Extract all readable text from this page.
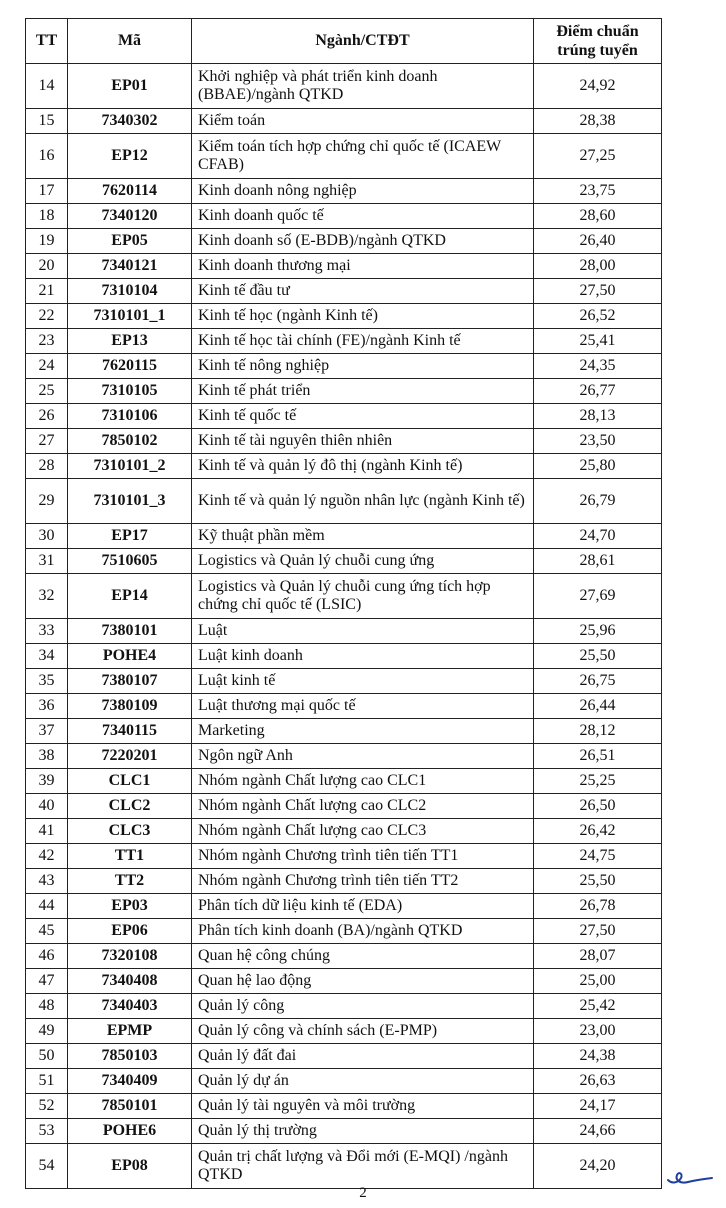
TT	Mã	Ngành/CTĐT	Điểm chuẩn
trúng tuyển
14	EP01	Khởi nghiệp và phát triển kinh doanh (BBAE)/ngành QTKD	24,92
15	7340302	Kiểm toán	28,38
16	EP12	Kiểm toán tích hợp chứng chỉ quốc tế (ICAEW CFAB)	27,25
17	7620114	Kinh doanh nông nghiệp	23,75
18	7340120	Kinh doanh quốc tế	28,60
19	EP05	Kinh doanh số (E-BDB)/ngành QTKD	26,40
20	7340121	Kinh doanh thương mại	28,00
21	7310104	Kinh tế đầu tư	27,50
22	7310101_1	Kinh tế học (ngành Kinh tế)	26,52
23	EP13	Kinh tế học tài chính (FE)/ngành Kinh tế	25,41
24	7620115	Kinh tế nông nghiệp	24,35
25	7310105	Kinh tế phát triển	26,77
26	7310106	Kinh tế quốc tế	28,13
27	7850102	Kinh tế tài nguyên thiên nhiên	23,50
28	7310101_2	Kinh tế và quản lý đô thị (ngành Kinh tế)	25,80
29	7310101_3	Kinh tế và quản lý nguồn nhân lực (ngành Kinh tế)	26,79
30	EP17	Kỹ thuật phần mềm	24,70
31	7510605	Logistics và Quản lý chuỗi cung ứng	28,61
32	EP14	Logistics và Quản lý chuỗi cung ứng tích hợp chứng chỉ quốc tế (LSIC)	27,69
33	7380101	Luật	25,96
34	POHE4	Luật kinh doanh	25,50
35	7380107	Luật kinh tế	26,75
36	7380109	Luật thương mại quốc tế	26,44
37	7340115	Marketing	28,12
38	7220201	Ngôn ngữ Anh	26,51
39	CLC1	Nhóm ngành Chất lượng cao CLC1	25,25
40	CLC2	Nhóm ngành Chất lượng cao CLC2	26,50
41	CLC3	Nhóm ngành Chất lượng cao CLC3	26,42
42	TT1	Nhóm ngành Chương trình tiên tiến TT1	24,75
43	TT2	Nhóm ngành Chương trình tiên tiến TT2	25,50
44	EP03	Phân tích dữ liệu kinh tế (EDA)	26,78
45	EP06	Phân tích kinh doanh (BA)/ngành QTKD	27,50
46	7320108	Quan hệ công chúng	28,07
47	7340408	Quan hệ lao động	25,00
48	7340403	Quản lý công	25,42
49	EPMP	Quản lý công và chính sách (E-PMP)	23,00
50	7850103	Quản lý đất đai	24,38
51	7340409	Quản lý dự án	26,63
52	7850101	Quản lý tài nguyên và môi trường	24,17
53	POHE6	Quản lý thị trường	24,66
54	EP08	Quản trị chất lượng và Đổi mới (E-MQI) /ngành QTKD	24,20
2
